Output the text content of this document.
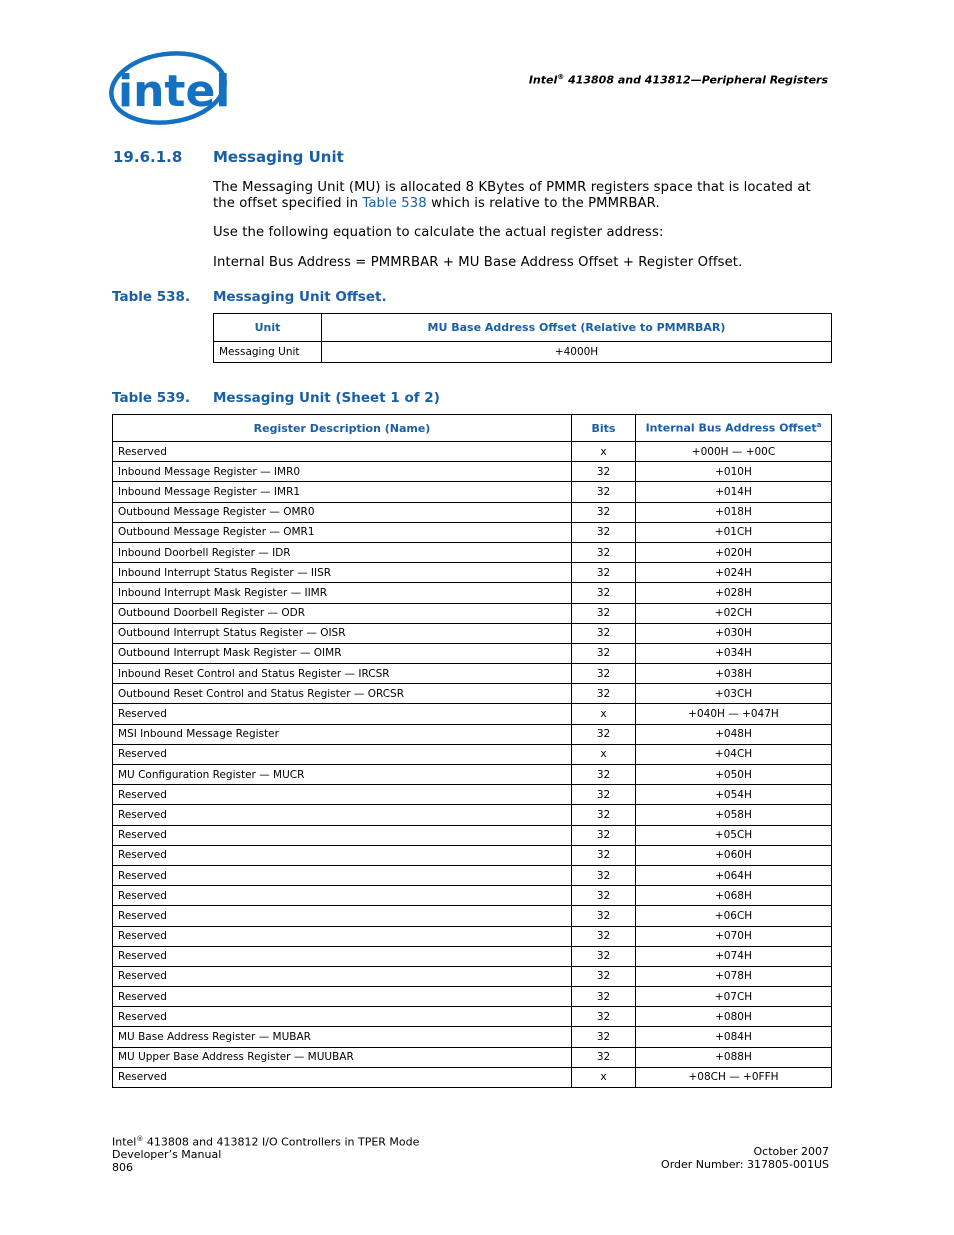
intel	Intel® 413808 and 413812—Peripheral Registers
19.6.1.8 Messaging Unit
The Messaging Unit (MU) is allocated 8 KBytes of PMMR registers space that is located at the offset specified in Table 538 which is relative to the PMMRBAR.
Use the following equation to calculate the actual register address:
Internal Bus Address = PMMRBAR + MU Base Address Offset + Register Offset.
Table 538. Messaging Unit Offset.
Unit	MU Base Address Offset (Relative to PMMRBAR)
Messaging Unit	+4000H
Table 539. Messaging Unit (Sheet 1 of 2)
Register Description (Name)	Bits	Internal Bus Address Offset$^a$
Reserved	x	+000H — +00C
Inbound Message Register — IMR0	32	+010H
Inbound Message Register — IMR1	32	+014H
Outbound Message Register — OMR0	32	+018H
Outbound Message Register — OMR1	32	+01CH
Inbound Doorbell Register — IDR	32	+020H
Inbound Interrupt Status Register — IISR	32	+024H
Inbound Interrupt Mask Register — IIMR	32	+028H
Outbound Doorbell Register — ODR	32	+02CH
Outbound Interrupt Status Register — OISR	32	+030H
Outbound Interrupt Mask Register — OIMR	32	+034H
Inbound Reset Control and Status Register — IRCSR	32	+038H
Outbound Reset Control and Status Register — ORCSR	32	+03CH
Reserved	x	+040H — +047H
MSI Inbound Message Register	32	+048H
Reserved	x	+04CH
MU Configuration Register — MUCR	32	+050H
Reserved	32	+054H
Reserved	32	+058H
Reserved	32	+05CH
Reserved	32	+060H
Reserved	32	+064H
Reserved	32	+068H
Reserved	32	+06CH
Reserved	32	+070H
Reserved	32	+074H
Reserved	32	+078H
Reserved	32	+07CH
Reserved	32	+080H
MU Base Address Register — MUBAR	32	+084H
MU Upper Base Address Register — MUUBAR	32	+088H
Reserved	x	+08CH — +0FFH
Intel® 413808 and 413812 I/O Controllers in TPER Mode
Developer’s Manual
806
October 2007
Order Number: 317805-001US
